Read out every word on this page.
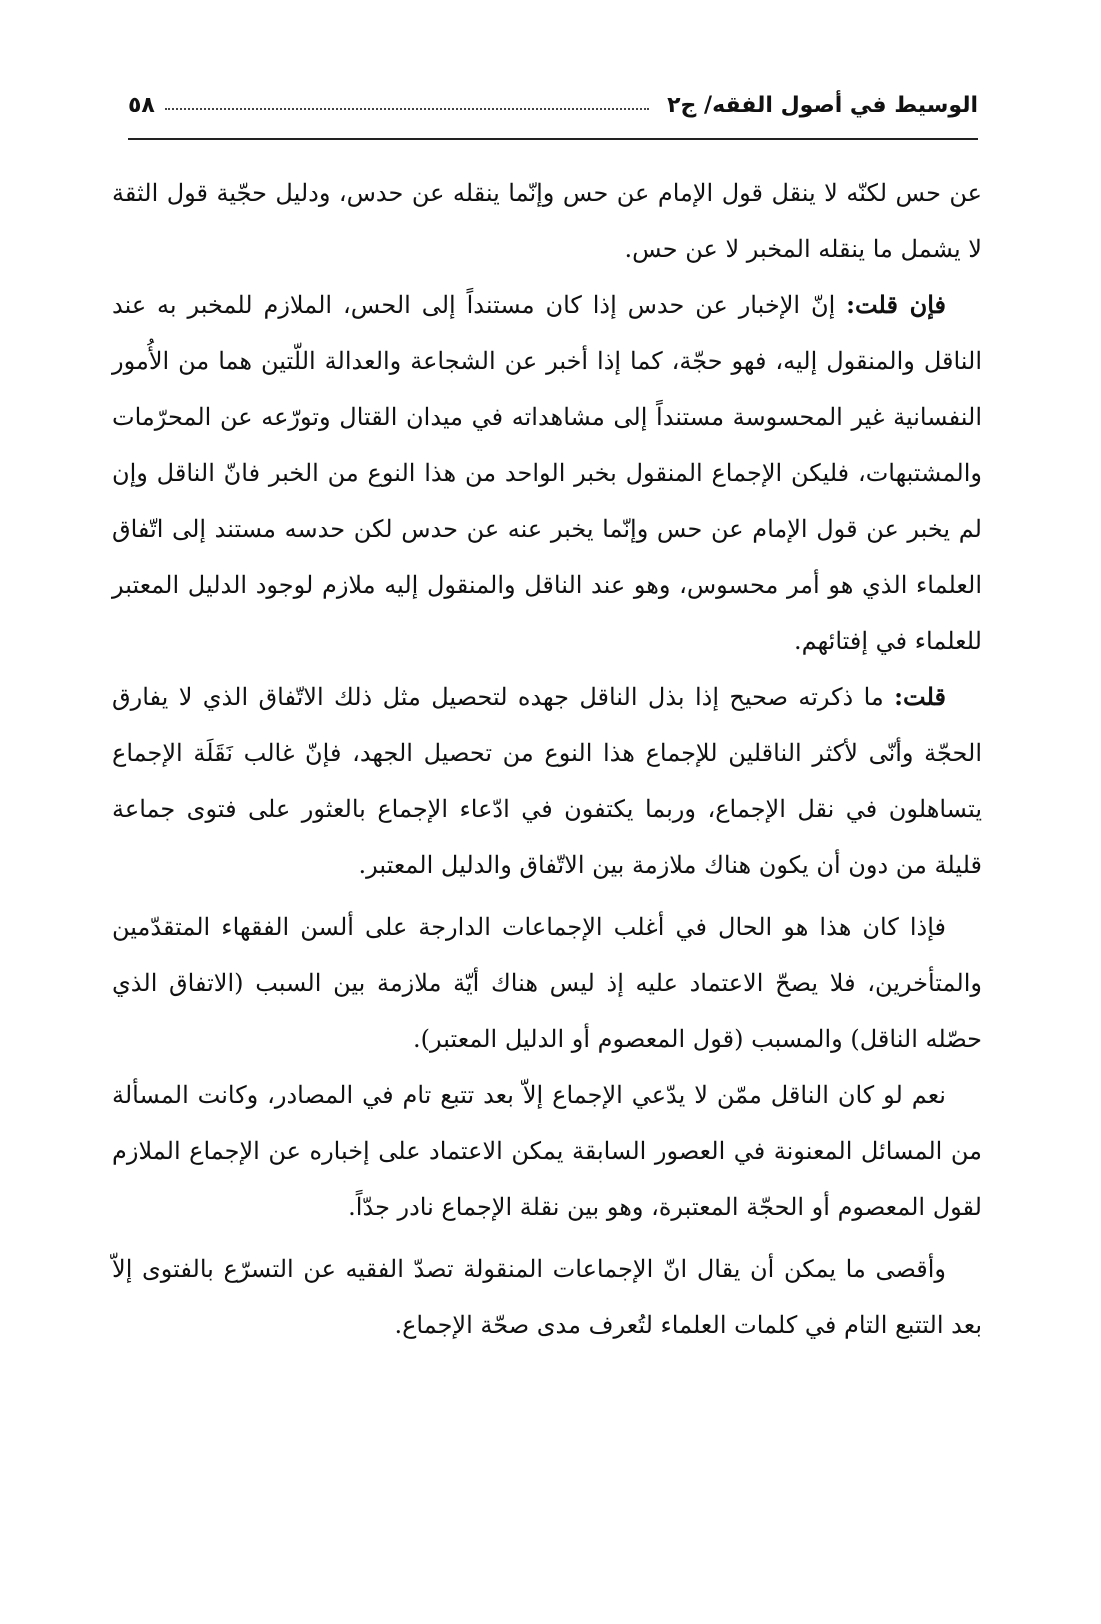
الوسيط في أصول الفقه/ ج٢
٥٨

عن حس لكنّه لا ينقل قول الإمام عن حس وإنّما ينقله عن حدس، ودليل حجّية قول الثقة لا يشمل ما ينقله المخبر لا عن حس.

فإن قلت: إنّ الإخبار عن حدس إذا كان مستنداً إلى الحس، الملازم للمخبر به عند الناقل والمنقول إليه، فهو حجّة، كما إذا أخبر عن الشجاعة والعدالة اللّتين هما من الأُمور النفسانية غير المحسوسة مستنداً إلى مشاهداته في ميدان القتال وتورّعه عن المحرّمات والمشتبهات، فليكن الإجماع المنقول بخبر الواحد من هذا النوع من الخبر فانّ الناقل وإن لم يخبر عن قول الإمام عن حس وإنّما يخبر عنه عن حدس لكن حدسه مستند إلى اتّفاق العلماء الذي هو أمر محسوس، وهو عند الناقل والمنقول إليه ملازم لوجود الدليل المعتبر للعلماء في إفتائهم.

قلت: ما ذكرته صحيح إذا بذل الناقل جهده لتحصيل مثل ذلك الاتّفاق الذي لا يفارق الحجّة وأنّى لأكثر الناقلين للإجماع هذا النوع من تحصيل الجهد، فإنّ غالب نَقَلَة الإجماع يتساهلون في نقل الإجماع، وربما يكتفون في ادّعاء الإجماع بالعثور على فتوى جماعة قليلة من دون أن يكون هناك ملازمة بين الاتّفاق والدليل المعتبر.

فإذا كان هذا هو الحال في أغلب الإجماعات الدارجة على ألسن الفقهاء المتقدّمين والمتأخرين، فلا يصحّ الاعتماد عليه إذ ليس هناك أيّة ملازمة بين السبب (الاتفاق الذي حصّله الناقل) والمسبب (قول المعصوم أو الدليل المعتبر).

نعم لو كان الناقل ممّن لا يدّعي الإجماع إلاّ بعد تتبع تام في المصادر، وكانت المسألة من المسائل المعنونة في العصور السابقة يمكن الاعتماد على إخباره عن الإجماع الملازم لقول المعصوم أو الحجّة المعتبرة، وهو بين نقلة الإجماع نادر جدّاً.

وأقصى ما يمكن أن يقال انّ الإجماعات المنقولة تصدّ الفقيه عن التسرّع بالفتوى إلاّ بعد التتبع التام في كلمات العلماء لتُعرف مدى صحّة الإجماع.
